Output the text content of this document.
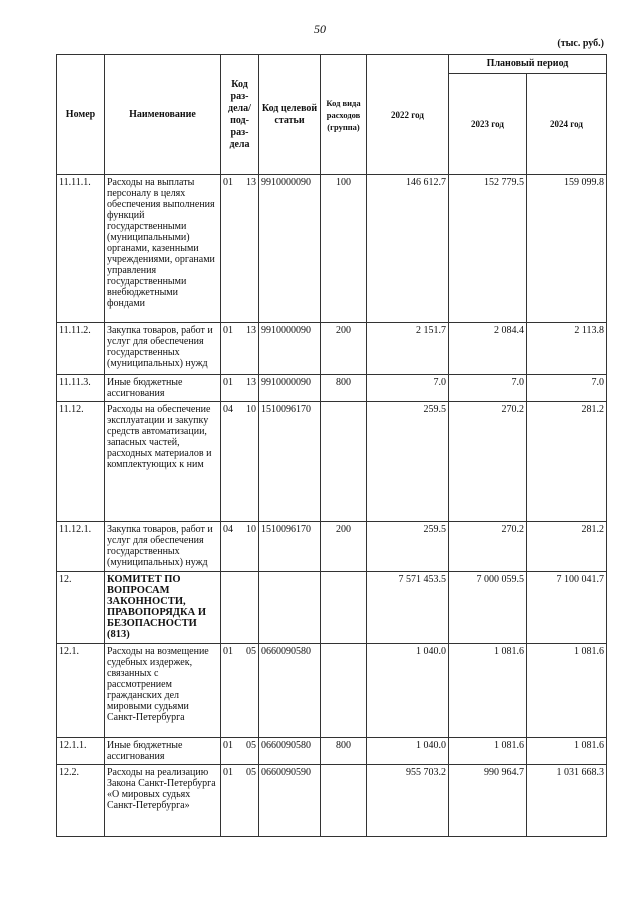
50
(тыс. руб.)
Номер	Наименование	Код раз-дела/ под-раз-дела	Код целевой статьи	Код вида расходов (группа)	2022 год	Плановый период	
						2023 год	2024 год
11.11.1.	Расходы на выплаты персоналу в целях обеспечения выполнения функций государственными (муниципальными) органами, казенными учреждениями, органами управления государственными внебюджетными фондами	01 13	9910000090	100	146 612.7	152 779.5	159 099.8
11.11.2.	Закупка товаров, работ и услуг для обеспечения государственных (муниципальных) нужд	01 13	9910000090	200	2 151.7	2 084.4	2 113.8
11.11.3.	Иные бюджетные ассигнования	01 13	9910000090	800	7.0	7.0	7.0
11.12.	Расходы на обеспечение эксплуатации и закупку средств автоматизации, запасных частей, расходных материалов и комплектующих к ним	04 10	1510096170		259.5	270.2	281.2
11.12.1.	Закупка товаров, работ и услуг для обеспечения государственных (муниципальных) нужд	04 10	1510096170	200	259.5	270.2	281.2
12.	КОМИТЕТ ПО ВОПРОСАМ ЗАКОННОСТИ, ПРАВОПОРЯДКА И БЕЗОПАСНОСТИ (813)				7 571 453.5	7 000 059.5	7 100 041.7
12.1.	Расходы на возмещение судебных издержек, связанных с рассмотрением гражданских дел мировыми судьями Санкт-Петербурга	01 05	0660090580		1 040.0	1 081.6	1 081.6
12.1.1.	Иные бюджетные ассигнования	01 05	0660090580	800	1 040.0	1 081.6	1 081.6
12.2.	Расходы на реализацию Закона Санкт-Петербурга «О мировых судьях Санкт-Петербурга»	01 05	0660090590		955 703.2	990 964.7	1 031 668.3
